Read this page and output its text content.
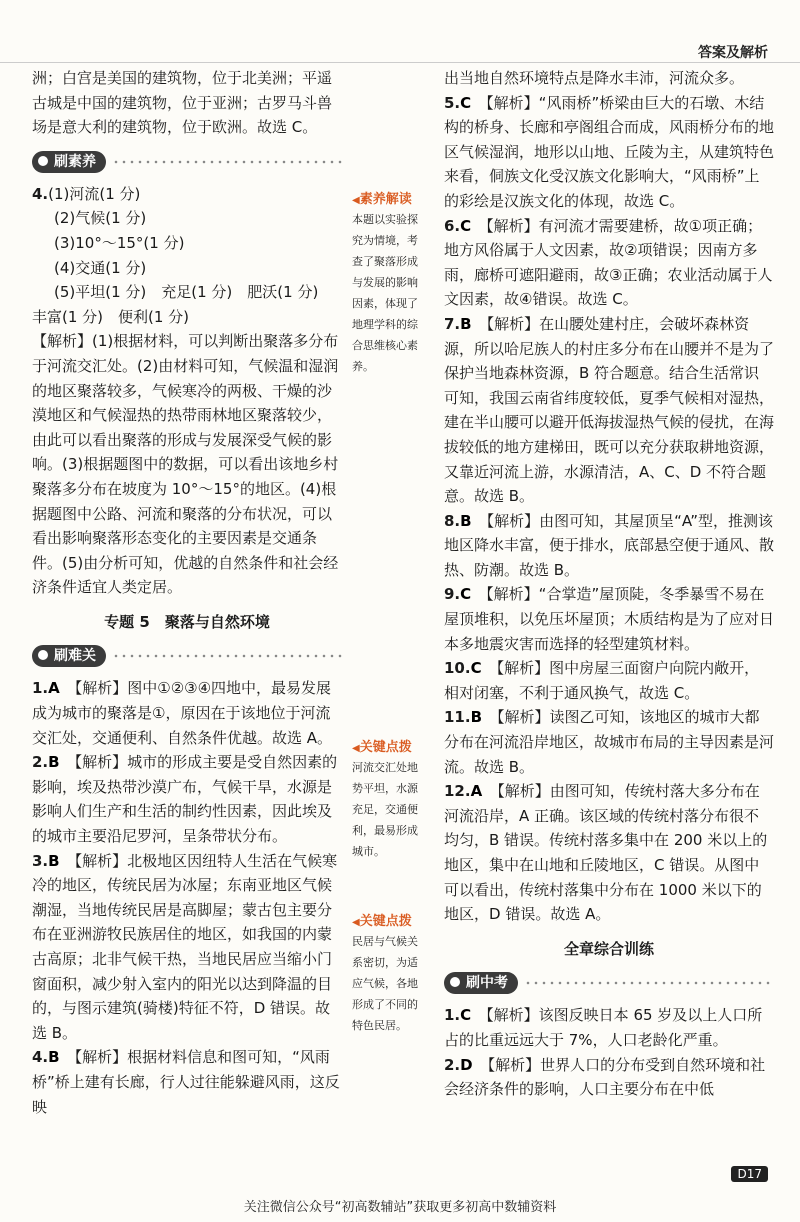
答案及解析

洲；白宫是美国的建筑物，位于北美洲；平遥古城是中国的建筑物，位于亚洲；古罗马斗兽场是意大利的建筑物，位于欧洲。故选 C。

刷素养

4.(1)河流(1 分)

(2)气候(1 分)

(3)10°～15°(1 分)

(4)交通(1 分)

(5)平坦(1 分)　充足(1 分)　肥沃(1 分)

丰富(1 分)　便利(1 分)

【解析】(1)根据材料，可以判断出聚落多分布于河流交汇处。(2)由材料可知，气候温和湿润的地区聚落较多，气候寒冷的两极、干燥的沙漠地区和气候湿热的热带雨林地区聚落较少，由此可以看出聚落的形成与发展深受气候的影响。(3)根据题图中的数据，可以看出该地乡村聚落多分布在坡度为 10°～15°的地区。(4)根据题图中公路、河流和聚落的分布状况，可以看出影响聚落形态变化的主要因素是交通条件。(5)由分析可知，优越的自然条件和社会经济条件适宜人类定居。

专题 5　聚落与自然环境
刷难关

1.A　 【解析】图中①②③④四地中，最易发展成为城市的聚落是①，原因在于该地位于河流交汇处，交通便利、自然条件优越。故选 A。

2.B　 【解析】城市的形成主要是受自然因素的影响，埃及热带沙漠广布，气候干旱，水源是影响人们生产和生活的制约性因素，因此埃及的城市主要沿尼罗河，呈条带状分布。

3.B　 【解析】北极地区因纽特人生活在气候寒冷的地区，传统民居为冰屋；东南亚地区气候潮湿，当地传统民居是高脚屋；蒙古包主要分布在亚洲游牧民族居住的地区，如我国的内蒙古高原；北非气候干热，当地民居应当缩小门窗面积，减少射入室内的阳光以达到降温的目的，与图示建筑(骑楼)特征不符，D 错误。故选 B。

4.B　 【解析】根据材料信息和图可知，“风雨桥”桥上建有长廊，行人过往能躲避风雨，这反映

◀素养解读
本题以实验探究为情境，考查了聚落形成与发展的影响因素，体现了地理学科的综合思维核心素养。
◀关键点拨
河流交汇处地势平坦，水源充足，交通便利，最易形成城市。
◀关键点拨
民居与气候关系密切，为适应气候，各地形成了不同的特色民居。

出当地自然环境特点是降水丰沛，河流众多。

5.C　 【解析】“风雨桥”桥梁由巨大的石墩、木结构的桥身、长廊和亭阁组合而成，风雨桥分布的地区气候湿润，地形以山地、丘陵为主，从建筑特色来看，侗族文化受汉族文化影响大，“风雨桥”上的彩绘是汉族文化的体现，故选 C。

6.C　 【解析】有河流才需要建桥，故①项正确；地方风俗属于人文因素，故②项错误；因南方多雨，廊桥可遮阳避雨，故③正确；农业活动属于人文因素，故④错误。故选 C。

7.B　 【解析】在山腰处建村庄，会破坏森林资源，所以哈尼族人的村庄多分布在山腰并不是为了保护当地森林资源，B 符合题意。结合生活常识可知，我国云南省纬度较低，夏季气候相对湿热，建在半山腰可以避开低海拔湿热气候的侵扰，在海拔较低的地方建梯田，既可以充分获取耕地资源，又靠近河流上游，水源清洁，A、C、D 不符合题意。故选 B。

8.B　 【解析】由图可知，其屋顶呈“A”型，推测该地区降水丰富，便于排水，底部悬空便于通风、散热、防潮。故选 B。

9.C　 【解析】“合掌造”屋顶陡，冬季暴雪不易在屋顶堆积，以免压坏屋顶；木质结构是为了应对日本多地震灾害而选择的轻型建筑材料。

10.C　 【解析】图中房屋三面窗户向院内敞开，相对闭塞，不利于通风换气，故选 C。

11.B　 【解析】读图乙可知，该地区的城市大都分布在河流沿岸地区，故城市布局的主导因素是河流。故选 B。

12.A　 【解析】由图可知，传统村落大多分布在河流沿岸，A 正确。该区域的传统村落分布很不均匀，B 错误。传统村落多集中在 200 米以上的地区，集中在山地和丘陵地区，C 错误。从图中可以看出，传统村落集中分布在 1000 米以下的地区，D 错误。故选 A。

全章综合训练
刷中考

1.C　 【解析】该图反映日本 65 岁及以上人口所占的比重远远大于 7%，人口老龄化严重。

2.D　 【解析】世界人口的分布受到自然环境和社会经济条件的影响，人口主要分布在中低

D17
关注微信公众号“初高数辅站”获取更多初高中数辅资料
